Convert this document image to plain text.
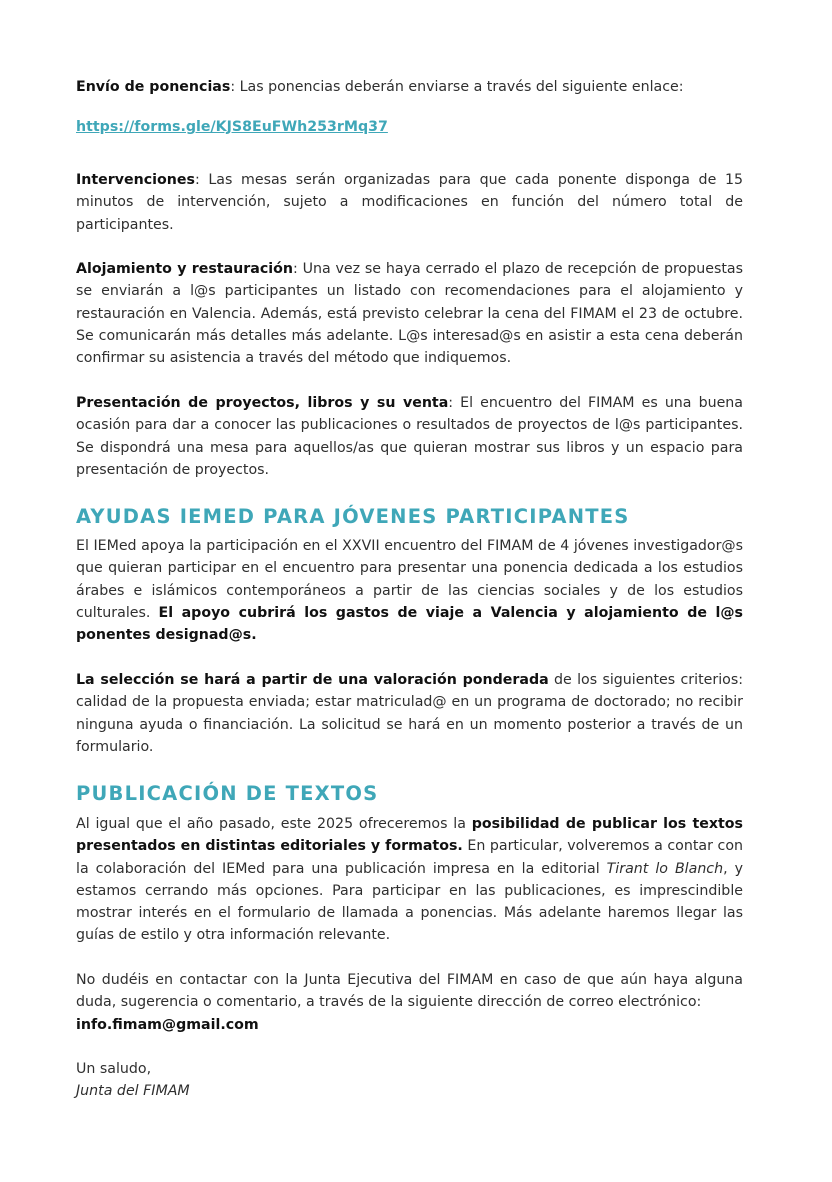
Envío de ponencias: Las ponencias deberán enviarse a través del siguiente enlace:

https://forms.gle/KJS8EuFWh253rMq37

Intervenciones: Las mesas serán organizadas para que cada ponente disponga de 15 minutos de intervención, sujeto a modificaciones en función del número total de participantes.

Alojamiento y restauración: Una vez se haya cerrado el plazo de recepción de propuestas se enviarán a l@s participantes un listado con recomendaciones para el alojamiento y restauración en Valencia. Además, está previsto celebrar la cena del FIMAM el 23 de octubre. Se comunicarán más detalles más adelante. L@s interesad@s en asistir a esta cena deberán confirmar su asistencia a través del método que indiquemos.

Presentación de proyectos, libros y su venta: El encuentro del FIMAM es una buena ocasión para dar a conocer las publicaciones o resultados de proyectos de l@s participantes. Se dispondrá una mesa para aquellos/as que quieran mostrar sus libros y un espacio para presentación de proyectos.

AYUDAS IEMED PARA JÓVENES PARTICIPANTES

El IEMed apoya la participación en el XXVII encuentro del FIMAM de 4 jóvenes investigador@s que quieran participar en el encuentro para presentar una ponencia dedicada a los estudios árabes e islámicos contemporáneos a partir de las ciencias sociales y de los estudios culturales. El apoyo cubrirá los gastos de viaje a Valencia y alojamiento de l@s ponentes designad@s.

La selección se hará a partir de una valoración ponderada de los siguientes criterios: calidad de la propuesta enviada; estar matriculad@ en un programa de doctorado; no recibir ninguna ayuda o financiación. La solicitud se hará en un momento posterior a través de un formulario.

PUBLICACIÓN DE TEXTOS

Al igual que el año pasado, este 2025 ofreceremos la posibilidad de publicar los textos presentados en distintas editoriales y formatos. En particular, volveremos a contar con la colaboración del IEMed para una publicación impresa en la editorial Tirant lo Blanch, y estamos cerrando más opciones. Para participar en las publicaciones, es imprescindible mostrar interés en el formulario de llamada a ponencias. Más adelante haremos llegar las guías de estilo y otra información relevante.

No dudéis en contactar con la Junta Ejecutiva del FIMAM en caso de que aún haya alguna duda, sugerencia o comentario, a través de la siguiente dirección de correo electrónico:
info.fimam@gmail.com

Un saludo,
Junta del FIMAM
